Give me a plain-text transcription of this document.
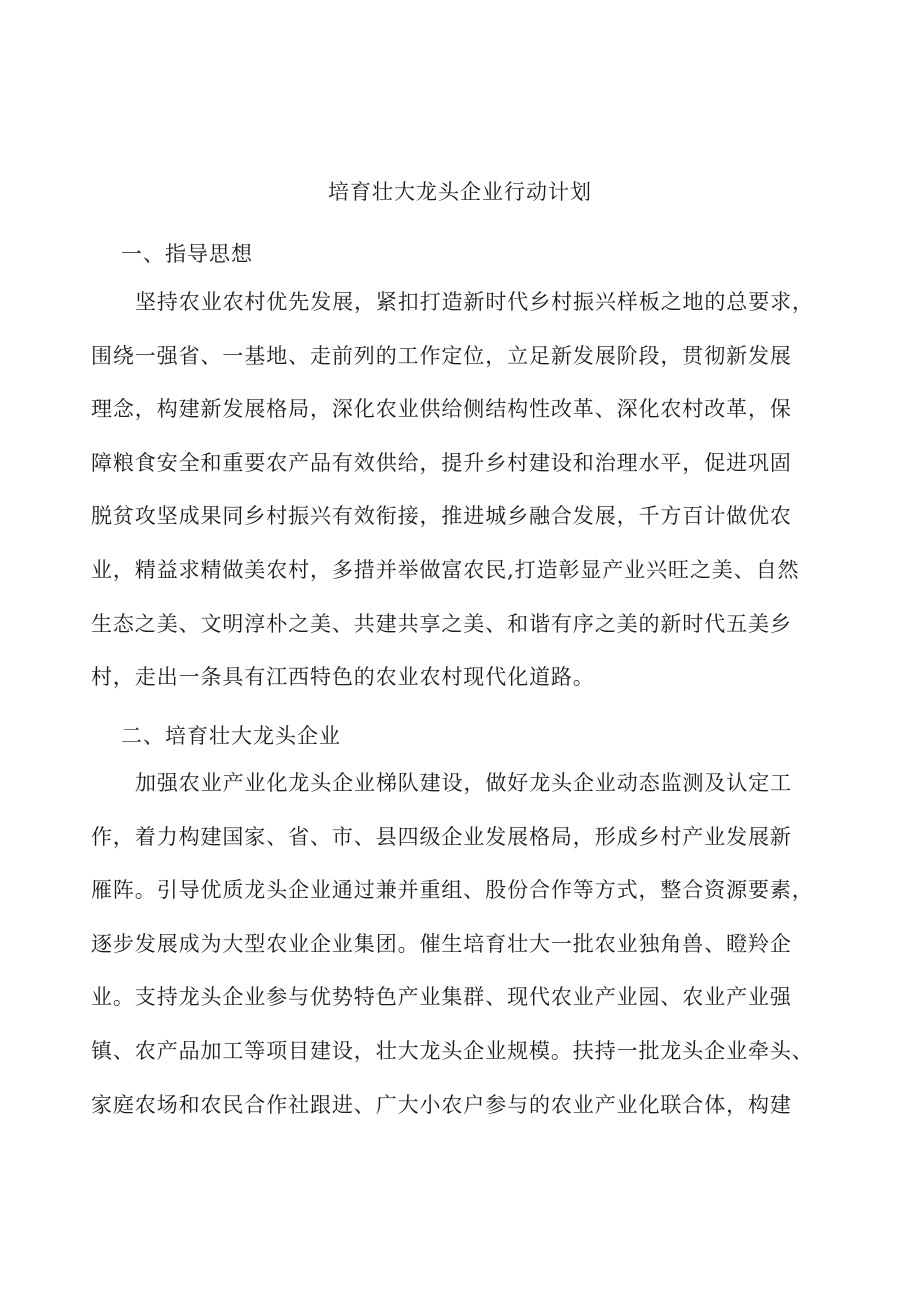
培育壮大龙头企业行动计划
一、指导思想
坚持农业农村优先发展，紧扣打造新时代乡村振兴样板之地的总要求，
围绕一强省、一基地、走前列的工作定位，立足新发展阶段，贯彻新发展
理念，构建新发展格局，深化农业供给侧结构性改革、深化农村改革，保
障粮食安全和重要农产品有效供给，提升乡村建设和治理水平，促进巩固
脱贫攻坚成果同乡村振兴有效衔接，推进城乡融合发展，千方百计做优农
业，精益求精做美农村，多措并举做富农民,打造彰显产业兴旺之美、自然
生态之美、文明淳朴之美、共建共享之美、和谐有序之美的新时代五美乡
村，走出一条具有江西特色的农业农村现代化道路。
二、培育壮大龙头企业
加强农业产业化龙头企业梯队建设，做好龙头企业动态监测及认定工
作，着力构建国家、省、市、县四级企业发展格局，形成乡村产业发展新
雁阵。引导优质龙头企业通过兼并重组、股份合作等方式，整合资源要素，
逐步发展成为大型农业企业集团。催生培育壮大一批农业独角兽、瞪羚企
业。支持龙头企业参与优势特色产业集群、现代农业产业园、农业产业强
镇、农产品加工等项目建设，壮大龙头企业规模。扶持一批龙头企业牵头、
家庭农场和农民合作社跟进、广大小农户参与的农业产业化联合体，构建
